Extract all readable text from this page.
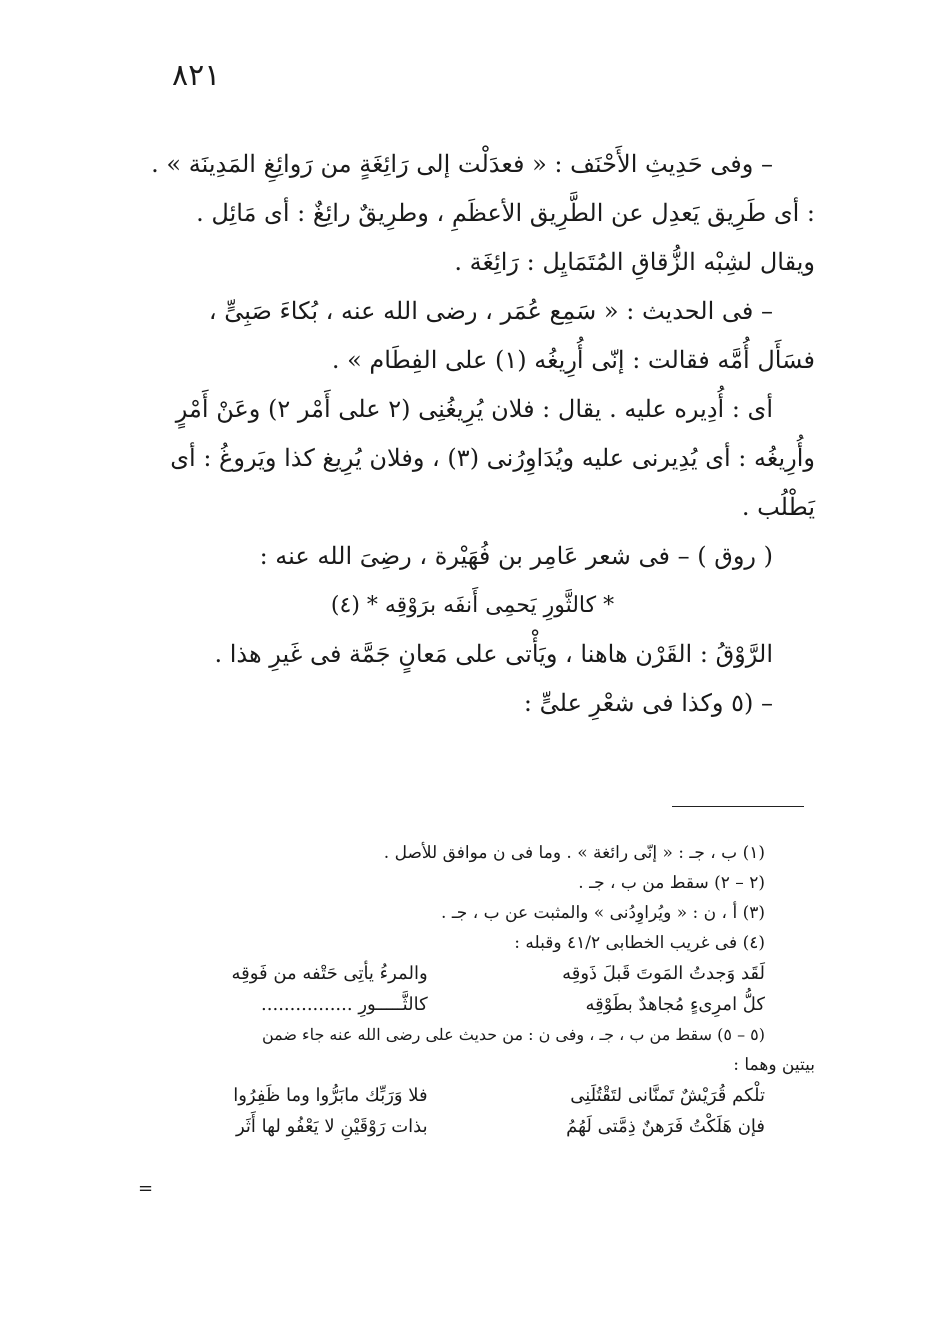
٨٢١

– وفى حَدِيثِ الأَحْنَف : « فعدَلْت إلى رَائِغَةٍ من رَوائِغِ المَدِينَة » .

: أى طَرِيق يَعدِل عن الطَّرِيق الأعظَمِ ، وطرِيقٌ رائِغٌ : أى مَائِل .

ويقال لشِبْه الزُّقاقِ المُتَمَايِل : رَائِغَة .

– فى الحديث : « سَمِع عُمَر ، رضى الله عنه ، بُكاءَ صَبِىٍّ ،

فسَأَل أُمَّه فقالت : إنّى أُرِيغُه (١) على الفِطَام » .

أى : أُدِيره عليه . يقال : فلان يُرِيغُنِى (٢ على أَمْر ٢) وعَنْ أَمْرٍ

وأُرِيغُه : أى يُدِيرنى عليه ويُدَاوِرُنى (٣) ، وفلان يُرِيغ كذا ويَروغُ : أى

يَطْلُب .

( روق ) – فى شعر عَامِر بن فُهَيْرة ، رضِىَ الله عنه :

* كالثَّورِ يَحمِى أَنفَه برَوْقِه * (٤)

الرَّوْقُ : القَرْن هاهنا ، ويَأْتى على مَعانٍ جَمَّة فى غَيرِ هذا .

– (٥ وكذا فى شعْرِ علىٍّ :

(١) ب ، جـ : « إنّى رائغة » . وما فى ن موافق للأصل .

(٢ – ٢) سقط من ب ، جـ .

(٣) أ ، ن : « ويُراوِدُنى » والمثبت عن ب ، جـ .

(٤) فى غريب الخطابى ٤١/٢ وقبله :

لَقَد وَجدتُ المَوتَ قَبلَ ذَوقِه
والمرءُ يأتِى حَتْفه من فَوقِه
كلُّ امرِىءٍ مُجاهدٌ بطَوْقِه
كالثَّـــــورِ ................

(٥ – ٥) سقط من ب ، جـ ، وفى ن : من حديث على رضى الله عنه جاء ضمن

بيتين وهما :

تلْكم قُرَيْشٌ تَمنَّانى لتَقْتُلَنِى
فلا وَرَبِّك مابَرُّوا وما ظَفِرُوا
فإن هَلَكْتُ فَرَهنٌ ذِمَّتى لَهُمُ
بذات رَوْقَيْنِ لا يَعْفُو لها أَثَر
=
